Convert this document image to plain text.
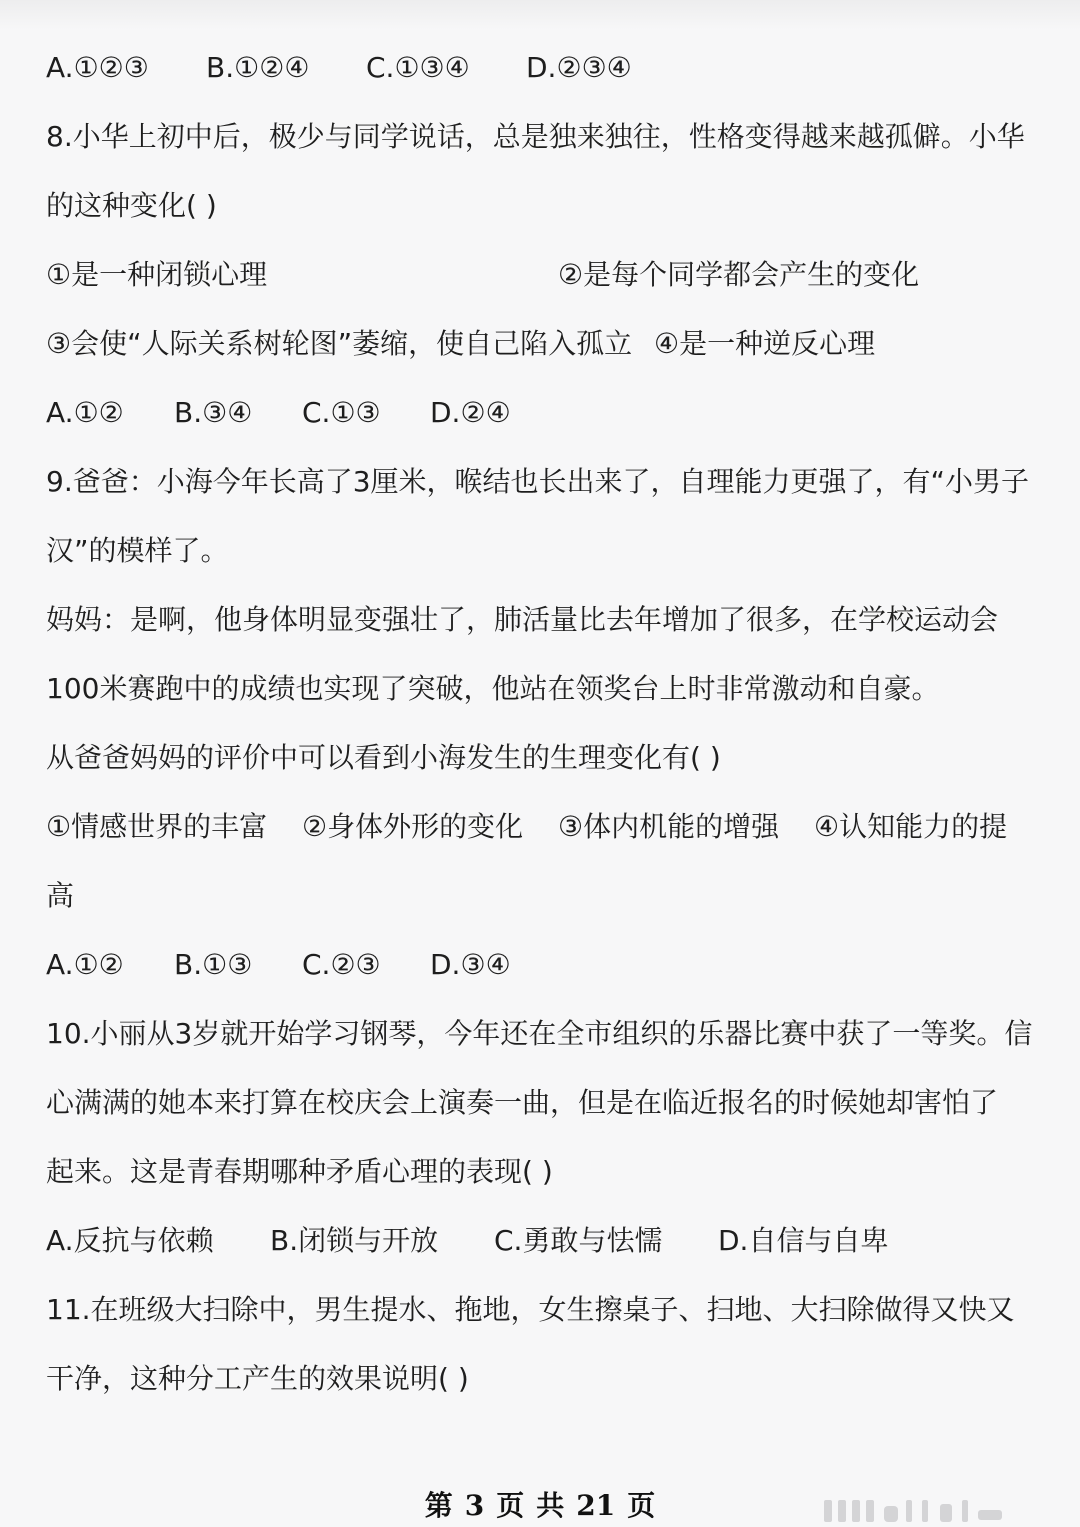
A.①②③ B.①②④ C.①③④ D.②③④
8.小华上初中后，极少与同学说话，总是独来独往，性格变得越来越孤僻。小华
的这种变化( )
①是一种闭锁心理	②是每个同学都会产生的变化
③会使“人际关系树轮图”萎缩，使自己陷入孤立 ④是一种逆反心理
A.①② B.③④ C.①③ D.②④
9.爸爸：小海今年长高了3厘米，喉结也长出来了，自理能力更强了，有“小男子
汉”的模样了。
妈妈：是啊，他身体明显变强壮了，肺活量比去年增加了很多，在学校运动会
100米赛跑中的成绩也实现了突破，他站在领奖台上时非常激动和自豪。
从爸爸妈妈的评价中可以看到小海发生的生理变化有( )
①情感世界的丰富 ②身体外形的变化 ③体内机能的增强 ④认知能力的提
高
A.①② B.①③ C.②③ D.③④
10.小丽从3岁就开始学习钢琴，今年还在全市组织的乐器比赛中获了一等奖。信
心满满的她本来打算在校庆会上演奏一曲，但是在临近报名的时候她却害怕了
起来。这是青春期哪种矛盾心理的表现( )
A.反抗与依赖 B.闭锁与开放 C.勇敢与怯懦 D.自信与自卑
11.在班级大扫除中，男生提水、拖地，女生擦桌子、扫地、大扫除做得又快又
干净，这种分工产生的效果说明( )
第 3 页 共 21 页
